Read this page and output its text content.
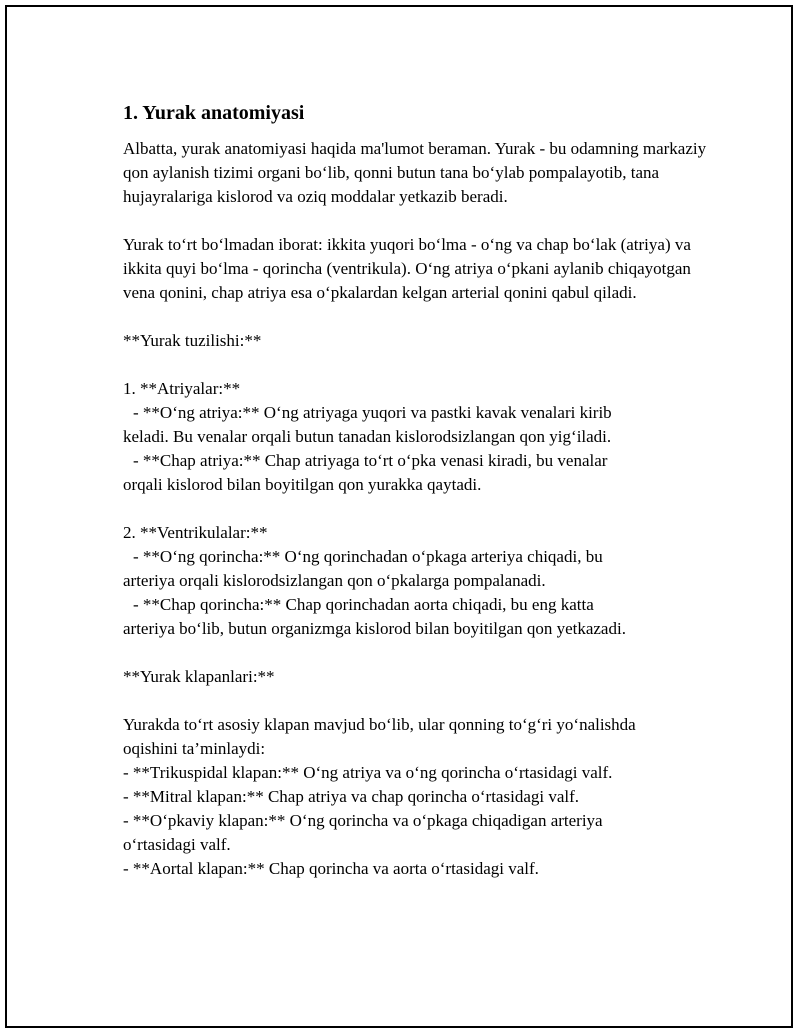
1. Yurak anatomiyasi

Albatta, yurak anatomiyasi haqida ma'lumot beraman. Yurak - bu odamning markaziy qon aylanish tizimi organi bo‘lib, qonni butun tana bo‘ylab pompalayotib, tana hujayralariga kislorod va oziq moddalar yetkazib beradi.

Yurak to‘rt bo‘lmadan iborat: ikkita yuqori bo‘lma - o‘ng va chap bo‘lak (atriya) va ikkita quyi bo‘lma - qorincha (ventrikula). O‘ng atriya o‘pkani aylanib chiqayotgan vena qonini, chap atriya esa o‘pkalardan kelgan arterial qonini qabul qiladi.

**Yurak tuzilishi:**

1. **Atriyalar:**
- **O‘ng atriya:** O‘ng atriyaga yuqori va pastki kavak venalari kirib
keladi. Bu venalar orqali butun tanadan kislorodsizlangan qon yig‘iladi.
- **Chap atriya:** Chap atriyaga to‘rt o‘pka venasi kiradi, bu venalar
orqali kislorod bilan boyitilgan qon yurakka qaytadi.
2. **Ventrikulalar:**
- **O‘ng qorincha:** O‘ng qorinchadan o‘pkaga arteriya chiqadi, bu
arteriya orqali kislorodsizlangan qon o‘pkalarga pompalanadi.
- **Chap qorincha:** Chap qorinchadan aorta chiqadi, bu eng katta
arteriya bo‘lib, butun organizmga kislorod bilan boyitilgan qon yetkazadi.

**Yurak klapanlari:**

Yurakda to‘rt asosiy klapan mavjud bo‘lib, ular qonning to‘g‘ri yo‘nalishda
oqishini ta’minlaydi:
- **Trikuspidal klapan:** O‘ng atriya va o‘ng qorincha o‘rtasidagi valf.
- **Mitral klapan:** Chap atriya va chap qorincha o‘rtasidagi valf.
- **O‘pkaviy klapan:** O‘ng qorincha va o‘pkaga chiqadigan arteriya
o‘rtasidagi valf.
- **Aortal klapan:** Chap qorincha va aorta o‘rtasidagi valf.
